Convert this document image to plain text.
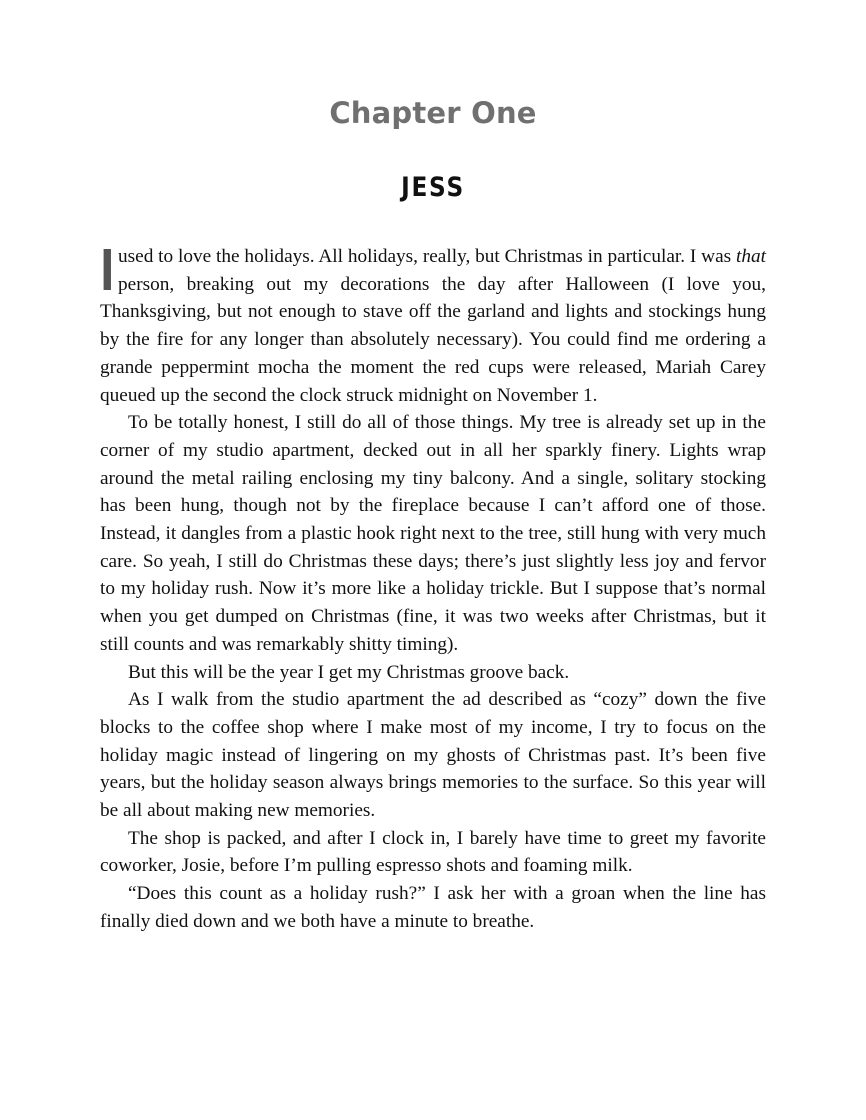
Chapter One
JESS

Iused to love the holidays. All holidays, really, but Christmas in particular. I was that person, breaking out my decorations the day after Halloween (I love you, Thanksgiving, but not enough to stave off the garland and lights and stockings hung by the fire for any longer than absolutely necessary). You could find me ordering a grande peppermint mocha the moment the red cups were released, Mariah Carey queued up the second the clock struck midnight on November 1.

To be totally honest, I still do all of those things. My tree is already set up in the corner of my studio apartment, decked out in all her sparkly finery. Lights wrap around the metal railing enclosing my tiny balcony. And a single, solitary stocking has been hung, though not by the fireplace because I can’t afford one of those. Instead, it dangles from a plastic hook right next to the tree, still hung with very much care. So yeah, I still do Christmas these days; there’s just slightly less joy and fervor to my holiday rush. Now it’s more like a holiday trickle. But I suppose that’s normal when you get dumped on Christmas (fine, it was two weeks after Christmas, but it still counts and was remarkably shitty timing).

But this will be the year I get my Christmas groove back.

As I walk from the studio apartment the ad described as “cozy” down the five blocks to the coffee shop where I make most of my income, I try to focus on the holiday magic instead of lingering on my ghosts of Christmas past. It’s been five years, but the holiday season always brings memories to the surface. So this year will be all about making new memories.

The shop is packed, and after I clock in, I barely have time to greet my favorite coworker, Josie, before I’m pulling espresso shots and foaming milk.

“Does this count as a holiday rush?” I ask her with a groan when the line has finally died down and we both have a minute to breathe.
